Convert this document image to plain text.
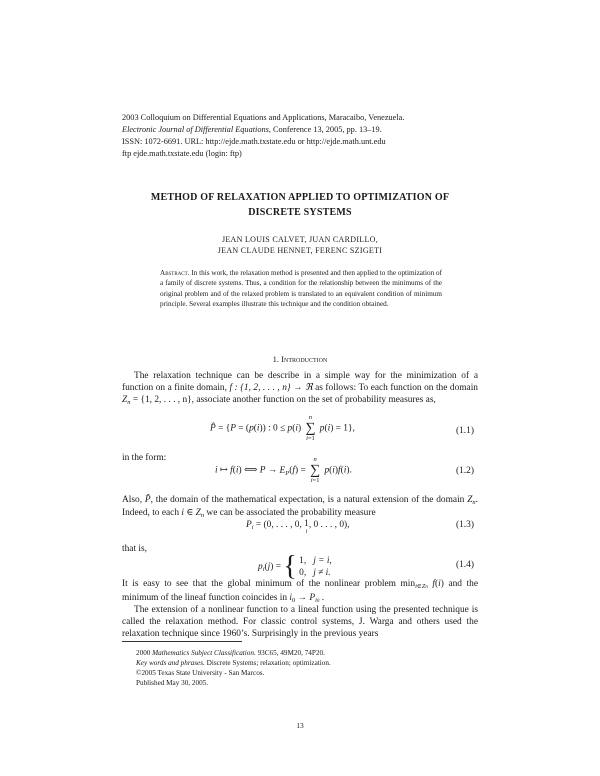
2003 Colloquium on Differential Equations and Applications, Maracaibo, Venezuela.
Electronic Journal of Differential Equations, Conference 13, 2005, pp. 13–19.
ISSN: 1072-6691. URL: http://ejde.math.txstate.edu or http://ejde.math.unt.edu
ftp ejde.math.txstate.edu (login: ftp)
METHOD OF RELAXATION APPLIED TO OPTIMIZATION OF
DISCRETE SYSTEMS
JEAN LOUIS CALVET, JUAN CARDILLO,
JEAN CLAUDE HENNET, FERENC SZIGETI
Abstract. In this work, the relaxation method is presented and then applied to the optimization of a family of discrete systems. Thus, a condition for the relationship between the minimums of the original problem and of the relaxed problem is translated to an equivalent condition of minimum principle. Several examples illustrate this technique and the condition obtained.
1. Introduction
The relaxation technique can be describe in a simple way for the minimization of a function on a finite domain, f : {1, 2, . . . , n} → ℜ as follows: To each function on the domain $Z_n = \{1$, 2, . . . , n}, associate another function on the set of probability measures as,
P̂ = {P = (p(i)) : 0 ≤ p(i)
n
∑
i=1
p(i) = 1},	(1.1)
in the form:
i ↦ f(i) ⟺ $P \to E_P(f)$ =
n
∑
i=1
p(i)f(i).	(1.2)
Also, P̂, the domain of the mathematical expectation, is a natural extension of the domain $Z_n$. Indeed, to each i ∈ $Z_n$ we can be associated the probability measure
$P_i = (0$, . . . , 0, 1
i
, 0 . . . , 0),	(1.3)
that is,
$p_i(j)$ = { 1, j = i,
0, j ≠ i.
(1.4)
It is easy to see that the global minimum of the nonlinear problem $\min_{i\in Zn} f(i)$ and the minimum of the lineaf function coincides in $i_0 \to P_{i0}$ .
The extension of a nonlinear function to a lineal function using the presented technique is called the relaxation method. For classic control systems, J. Warga and others used the relaxation technique since 1960’s. Surprisingly in the previous years
2000 Mathematics Subject Classification. 93C65, 49M20, 74P20.
Key words and phrases. Discrete Systems; relaxation; optimization.
©2005 Texas State University - San Marcos.
Published May 30, 2005.
13
